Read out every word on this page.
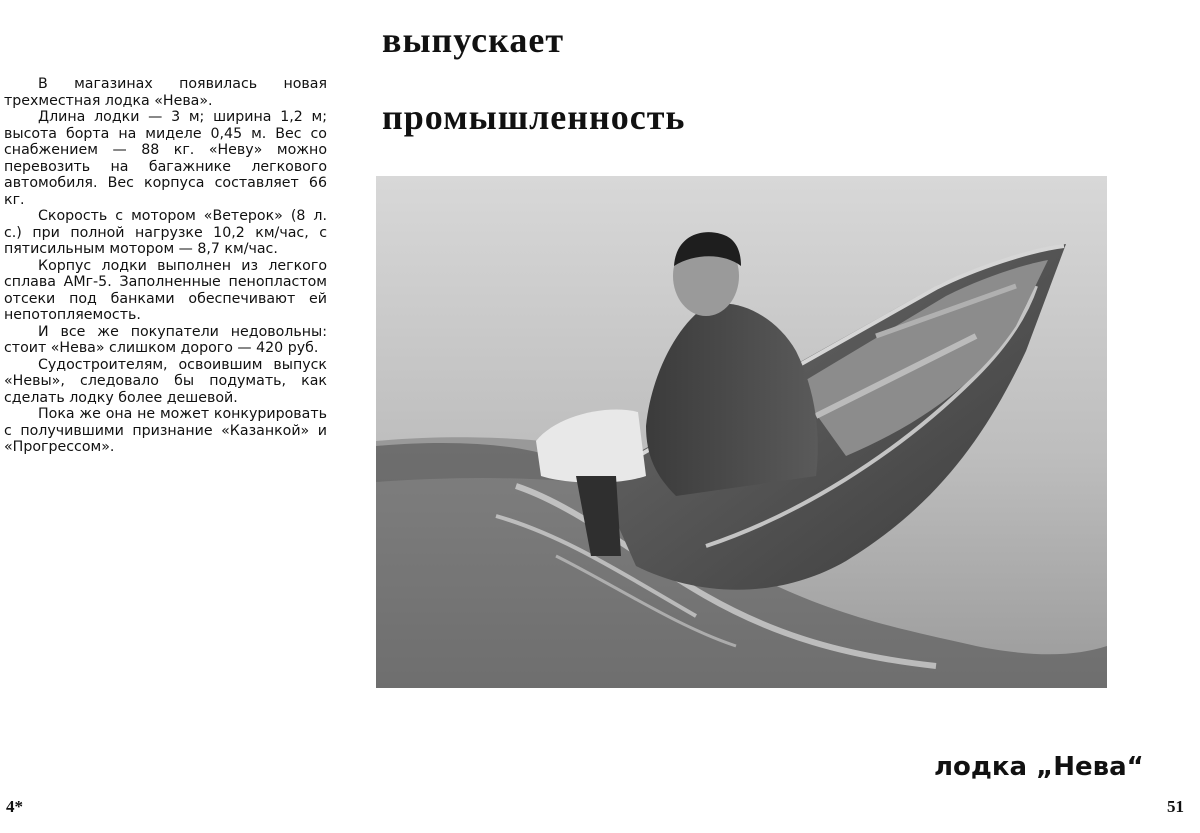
выпускает
промышленность

В магазинах появилась новая трехместная лодка «Нева».

Длина лодки — 3 м; ширина 1,2 м; высота борта на миделе 0,45 м. Вес со снабжением — 88 кг. «Неву» можно перевозить на багажнике легкового автомобиля. Вес корпуса составляет 66 кг.

Скорость с мотором «Ветерок» (8 л. с.) при полной нагрузке 10,2 км/час, с пятисильным мотором — 8,7 км/час.

Корпус лодки выполнен из легкого сплава АМг-5. Заполненные пенопластом отсеки под банками обеспечивают ей непотопляемость.

И все же покупатели недовольны: стоит «Нева» слишком дорого — 420 руб.

Судостроителям, освоившим выпуск «Невы», следовало бы подумать, как сделать лодку более дешевой.

Пока же она не может конкурировать с получившими признание «Казанкой» и «Прогрессом».

лодка „Нева“
4*	51
